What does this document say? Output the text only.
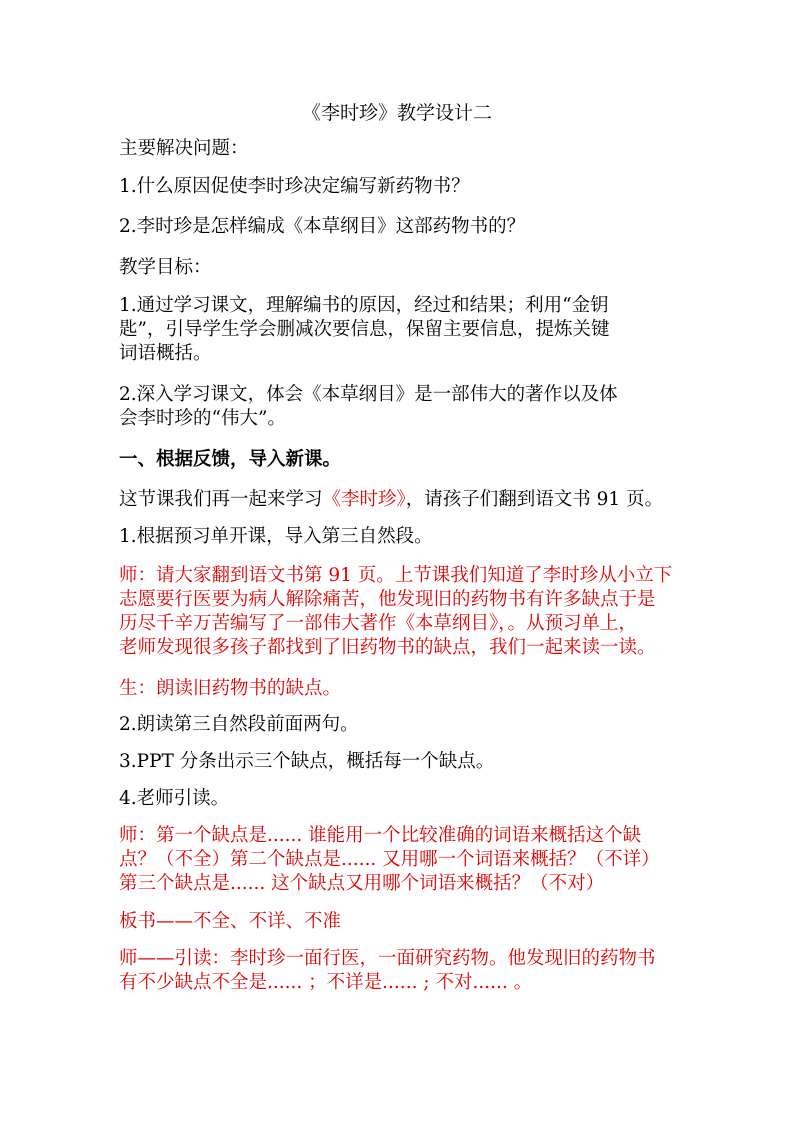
《李时珍》教学设计二

主要解决问题：

1.什么原因促使李时珍决定编写新药物书？

2.李时珍是怎样编成《本草纲目》这部药物书的？

教学目标：

1.通过学习课文，理解编书的原因，经过和结果；利用“金钥
匙”，引导学生学会删减次要信息，保留主要信息，提炼关键
词语概括。

2.深入学习课文，体会《本草纲目》是一部伟大的著作以及体
会李时珍的“伟大”。

一、根据反馈，导入新课。

这节课我们再一起来学习《李时珍》，请孩子们翻到语文书 91 页。

1.根据预习单开课，导入第三自然段。

师：请大家翻到语文书第 91 页。上节课我们知道了李时珍从小立下
志愿要行医要为病人解除痛苦，他发现旧的药物书有许多缺点于是
历尽千辛万苦编写了一部伟大著作《本草纲目》，。从预习单上，
老师发现很多孩子都找到了旧药物书的缺点，我们一起来读一读。

生：朗读旧药物书的缺点。

2.朗读第三自然段前面两句。

3.PPT 分条出示三个缺点，概括每一个缺点。

4.老师引读。

师：第一个缺点是...... 谁能用一个比较准确的词语来概括这个缺
点？（不全）第二个缺点是...... 又用哪一个词语来概括？（不详）
第三个缺点是...... 这个缺点又用哪个词语来概括？（不对）

板书——不全、不详、不准

师——引读：李时珍一面行医，一面研究药物。他发现旧的药物书
有不少缺点不全是...... ；不详是...... ; 不对...... 。
